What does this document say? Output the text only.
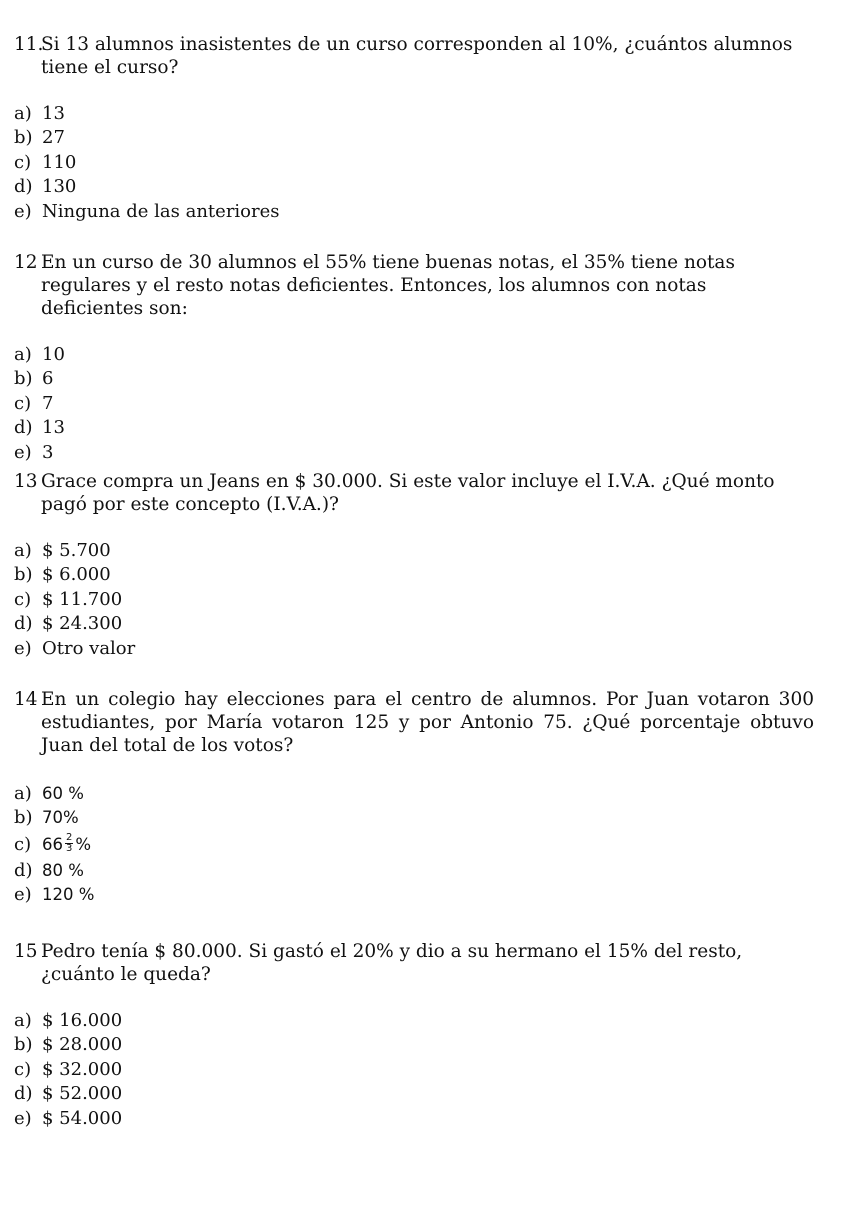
11.
Si 13 alumnos inasistentes de un curso corresponden al 10%, ¿cuántos alumnos tiene el curso?
a) 13
b) 27
c) 110
d) 130
e) Ninguna de las anteriores
12 En un curso de 30 alumnos el 55% tiene buenas notas, el 35% tiene notas regulares y el resto notas deficientes. Entonces, los alumnos con notas deficientes son:
a) 10
b) 6
c) 7
d) 13
e) 3
13 Grace compra un Jeans en $ 30.000. Si este valor incluye el I.V.A. ¿Qué monto pagó por este concepto (I.V.A.)?
a) $ 5.700
b) $ 6.000
c) $ 11.700
d) $ 24.300
e) Otro valor
14 En un colegio hay elecciones para el centro de alumnos. Por Juan votaron 300 estudiantes, por María votaron 125 y por Antonio 75. ¿Qué porcentaje obtuvo Juan del total de los votos?
a) 60 %
b) 70%
c) $66 \frac{2}{3}$ %
d) 80 %
e) 120 %
15 Pedro tenía $ 80.000. Si gastó el 20% y dio a su hermano el 15% del resto, ¿cuánto le queda?
a) $ 16.000
b) $ 28.000
c) $ 32.000
d) $ 52.000
e) $ 54.000
